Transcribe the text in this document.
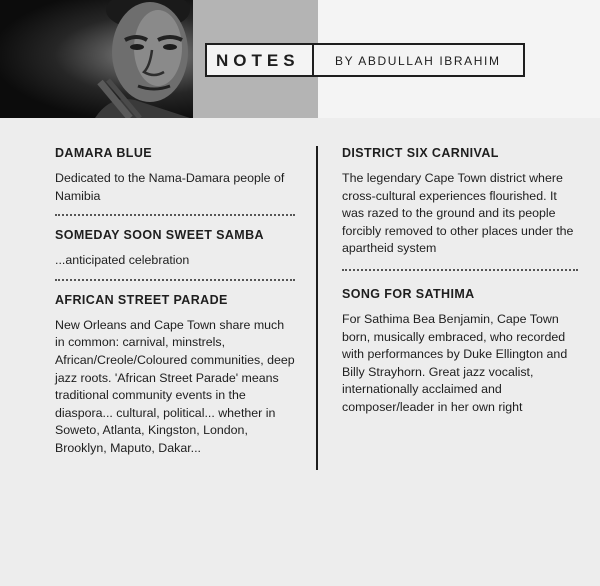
NOTES	BY ABDULLAH IBRAHIM

DAMARA BLUE

Dedicated to the Nama-Damara people of Namibia

SOMEDAY SOON SWEET SAMBA

...anticipated celebration

AFRICAN STREET PARADE

New Orleans and Cape Town share much in common: carnival, minstrels, African/Creole/Coloured communities, deep jazz roots. 'African Street Parade' means traditional community events in the diaspora... cultural, political... whether in Soweto, Atlanta, Kingston, London, Brooklyn, Maputo, Dakar...

DISTRICT SIX CARNIVAL

The legendary Cape Town district where cross-cultural experiences flourished. It was razed to the ground and its people forcibly removed to other places under the apartheid system

SONG FOR SATHIMA

For Sathima Bea Benjamin, Cape Town born, musically embraced, who recorded with performances by Duke Ellington and Billy Strayhorn. Great jazz vocalist, internationally acclaimed and composer/leader in her own right
